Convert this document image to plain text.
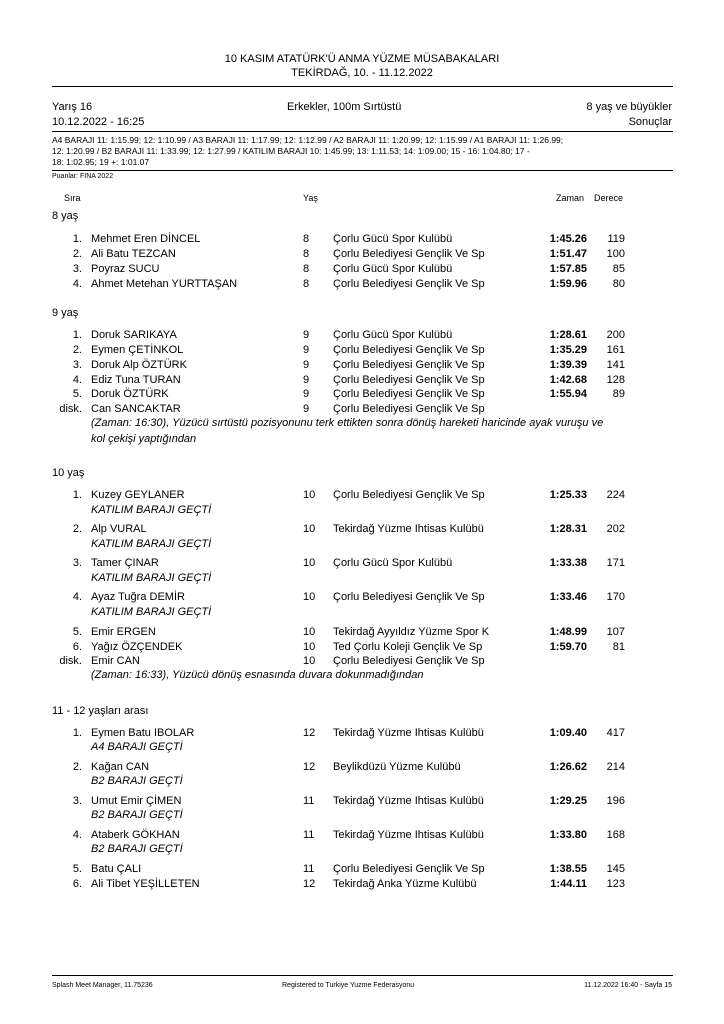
10 KASIM ATATÜRK'Ü ANMA YÜZME MÜSABAKALARI
TEKİRDAĞ, 10. - 11.12.2022
Yarış 16	Erkekler, 100m Sırtüstü	8 yaş ve büyükler
10.12.2022 - 16:25	Sonuçlar
A4 BARAJI 11: 1:15.99; 12: 1:10.99 / A3 BARAJI 11: 1:17.99; 12: 1:12.99 / A2 BARAJI 11: 1:20.99; 12: 1:15.99 / A1 BARAJI 11: 1:26.99;
12: 1:20.99 / B2 BARAJI 11: 1:33.99; 12: 1:27.99 / KATILIM BARAJI 10: 1:45.99; 13: 1:11.53; 14: 1:09.00; 15 - 16: 1:04.80; 17 -
18: 1:02.95; 19 +: 1:01.07
Puanlar: FINA 2022
Sıra	Yaş	Zaman Derece
8 yaş
1. Mehmet Eren DİNCEL	8 Çorlu Gücü Spor Kulübü	1:45.26	119
2. Ali Batu TEZCAN	8 Çorlu Belediyesi Gençlik Ve Sp	1:51.47	100
3. Poyraz SUCU	8 Çorlu Gücü Spor Kulübü	1:57.85	85
4. Ahmet Metehan YURTTAŞAN	8 Çorlu Belediyesi Gençlik Ve Sp	1:59.96	80
9 yaş
1. Doruk SARIKAYA	9 Çorlu Gücü Spor Kulübü	1:28.61	200
2. Eymen ÇETİNKOL	9 Çorlu Belediyesi Gençlik Ve Sp	1:35.29	161
3. Doruk Alp ÖZTÜRK	9 Çorlu Belediyesi Gençlik Ve Sp	1:39.39	141
4. Ediz Tuna TURAN	9 Çorlu Belediyesi Gençlik Ve Sp	1:42.68	128
5. Doruk ÖZTÜRK	9 Çorlu Belediyesi Gençlik Ve Sp	1:55.94	89
disk. Can SANCAKTAR	9 Çorlu Belediyesi Gençlik Ve Sp
(Zaman: 16:30), Yüzücü sırtüstü pozisyonunu terk ettikten sonra dönüş hareketi haricinde ayak vuruşu ve
kol çekişi yaptığından
10 yaş
1. Kuzey GEYLANER	10 Çorlu Belediyesi Gençlik Ve Sp	1:25.33	224
KATILIM BARAJI GEÇTİ
2. Alp VURAL	10 Tekirdağ Yüzme Ihtisas Kulübü	1:28.31	202
KATILIM BARAJI GEÇTİ
3. Tamer ÇINAR	10 Çorlu Gücü Spor Kulübü	1:33.38	171
KATILIM BARAJI GEÇTİ
4. Ayaz Tuğra DEMİR	10 Çorlu Belediyesi Gençlik Ve Sp	1:33.46	170
KATILIM BARAJI GEÇTİ
5. Emir ERGEN	10 Tekirdağ Ayyıldız Yüzme Spor K	1:48.99	107
6. Yağız ÖZÇENDEK	10 Ted Çorlu Koleji Gençlik Ve Sp	1:59.70	81
disk. Emir CAN	10 Çorlu Belediyesi Gençlik Ve Sp
(Zaman: 16:33), Yüzücü dönüş esnasında duvara dokunmadığından
11 - 12 yaşları arası
1. Eymen Batu IBOLAR	12 Tekirdağ Yüzme Ihtisas Kulübü	1:09.40	417
A4 BARAJI GEÇTİ
2. Kağan CAN	12 Beylikdüzü Yüzme Kulübü	1:26.62	214
B2 BARAJI GEÇTİ
3. Umut Emir ÇİMEN	11 Tekirdağ Yüzme Ihtisas Kulübü	1:29.25	196
B2 BARAJI GEÇTİ
4. Ataberk GÖKHAN	11 Tekirdağ Yüzme Ihtisas Kulübü	1:33.80	168
B2 BARAJI GEÇTİ
5. Batu ÇALI	11 Çorlu Belediyesi Gençlik Ve Sp	1:38.55	145
6. Ali Tibet YEŞİLLETEN	12 Tekirdağ Anka Yüzme Kulübü	1:44.11	123
Splash Meet Manager, 11.75236	Registered to Turkiye Yuzme Federasyonu	11.12.2022 16:40 - Sayfa 15
